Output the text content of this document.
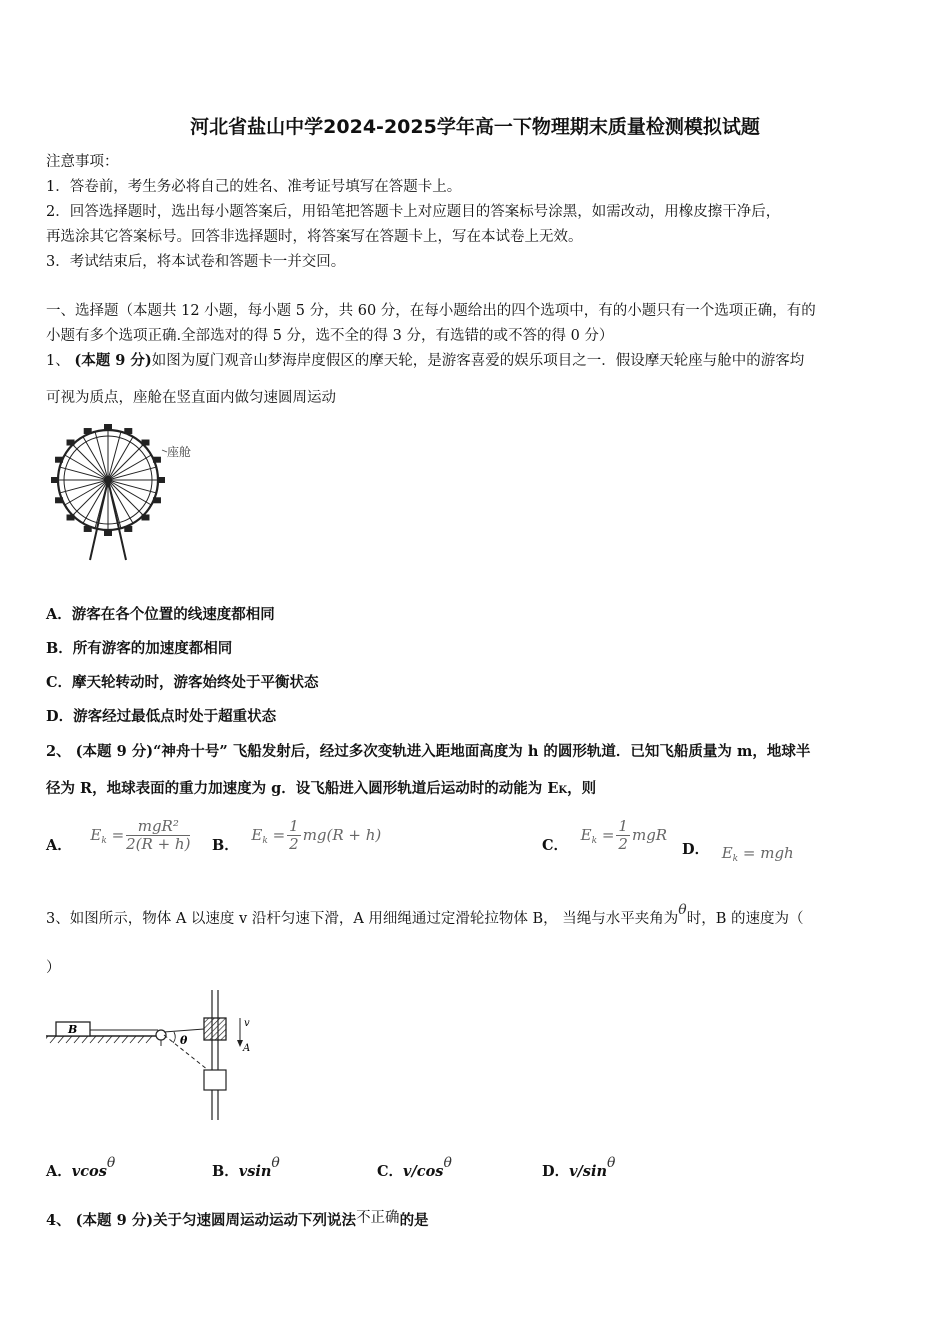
河北省盐山中学2024-2025学年高一下物理期末质量检测模拟试题
注意事项：
1．答卷前，考生务必将自己的姓名、准考证号填写在答题卡上。
2．回答选择题时，选出每小题答案后，用铅笔把答题卡上对应题目的答案标号涂黑，如需改动，用橡皮擦干净后，
再选涂其它答案标号。回答非选择题时，将答案写在答题卡上，写在本试卷上无效。
3．考试结束后，将本试卷和答题卡一并交回。
一、选择题（本题共 12 小题，每小题 5 分，共 60 分，在每小题给出的四个选项中，有的小题只有一个选项正确，有的
小题有多个选项正确.全部选对的得 5 分，选不全的得 3 分，有选错的或不答的得 0 分）
1、 (本题 9 分)如图为厦门观音山梦海岸度假区的摩天轮，是游客喜爱的娱乐项目之一．假设摩天轮座与舱中的游客均
可视为质点，座舱在竖直面内做匀速圆周运动
座舱
A．游客在各个位置的线速度都相同
B．所有游客的加速度都相同
C．摩天轮转动时，游客始终处于平衡状态
D．游客经过最低点时处于超重状态
2、 (本题 9 分)“神舟十号” 飞船发射后，经过多次变轨进入距地面高度为 h 的圆形轨道．已知飞船质量为 m，地球半
径为 R，地球表面的重力加速度为 g．设飞船进入圆形轨道后运动时的动能为 EK，则
A． $E_k = \frac{\text{mgR²}}{2(R + h)}$ B． $E_k = \frac{1}{2} mg(R + h)$
C． $E_k = \frac{1}{2}$ mgR
D． $E_k$ = mgh
3、如图所示，物体 A 以速度 v 沿杆匀速下滑，A 用细绳通过定滑轮拉物体 B， 当绳与水平夹角为θ时，B 的速度为（
）
B
θ
v
A
A．vcosθ	B．vsinθ	C．v/cosθ	D．v/sinθ
4、 (本题 9 分)关于匀速圆周运动运动下列说法不正确的是
